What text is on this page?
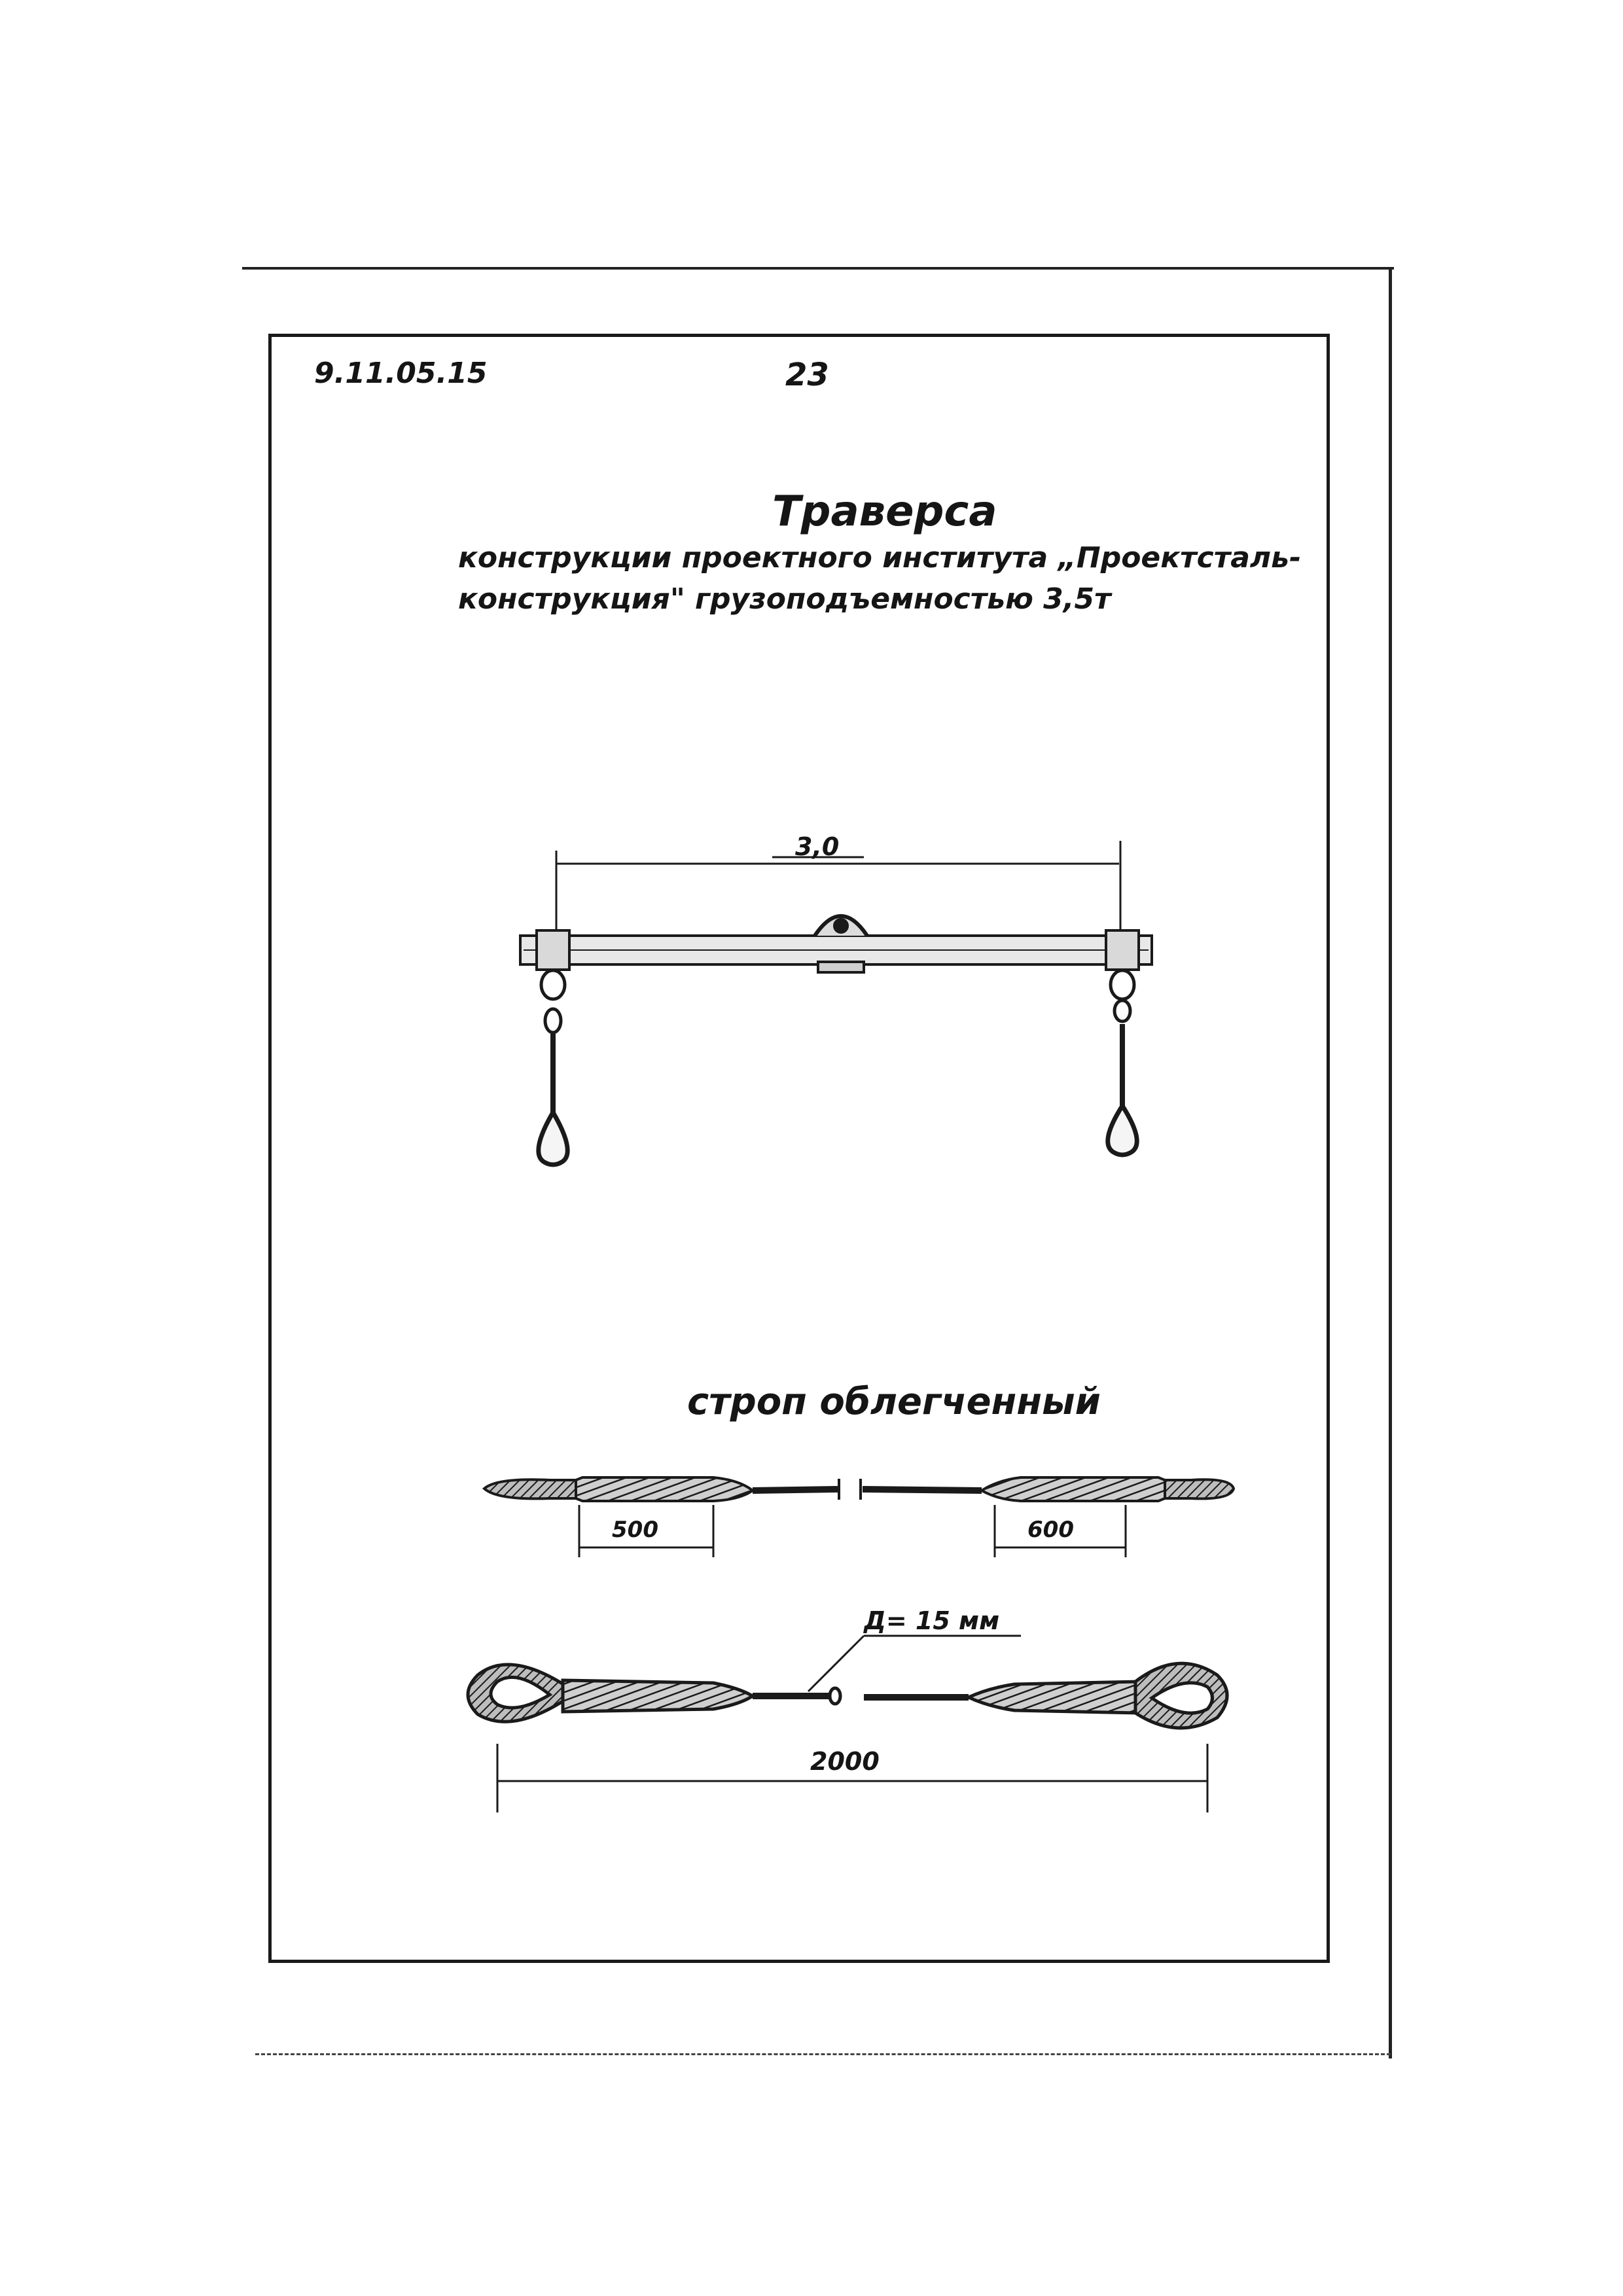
9.11.05.15	23
Траверса
конструкции проектного института „Проектсталь-
конструкция" грузоподъемностью 3,5т
3,0
строп облегченный
500	600
Д= 15 мм
2000
